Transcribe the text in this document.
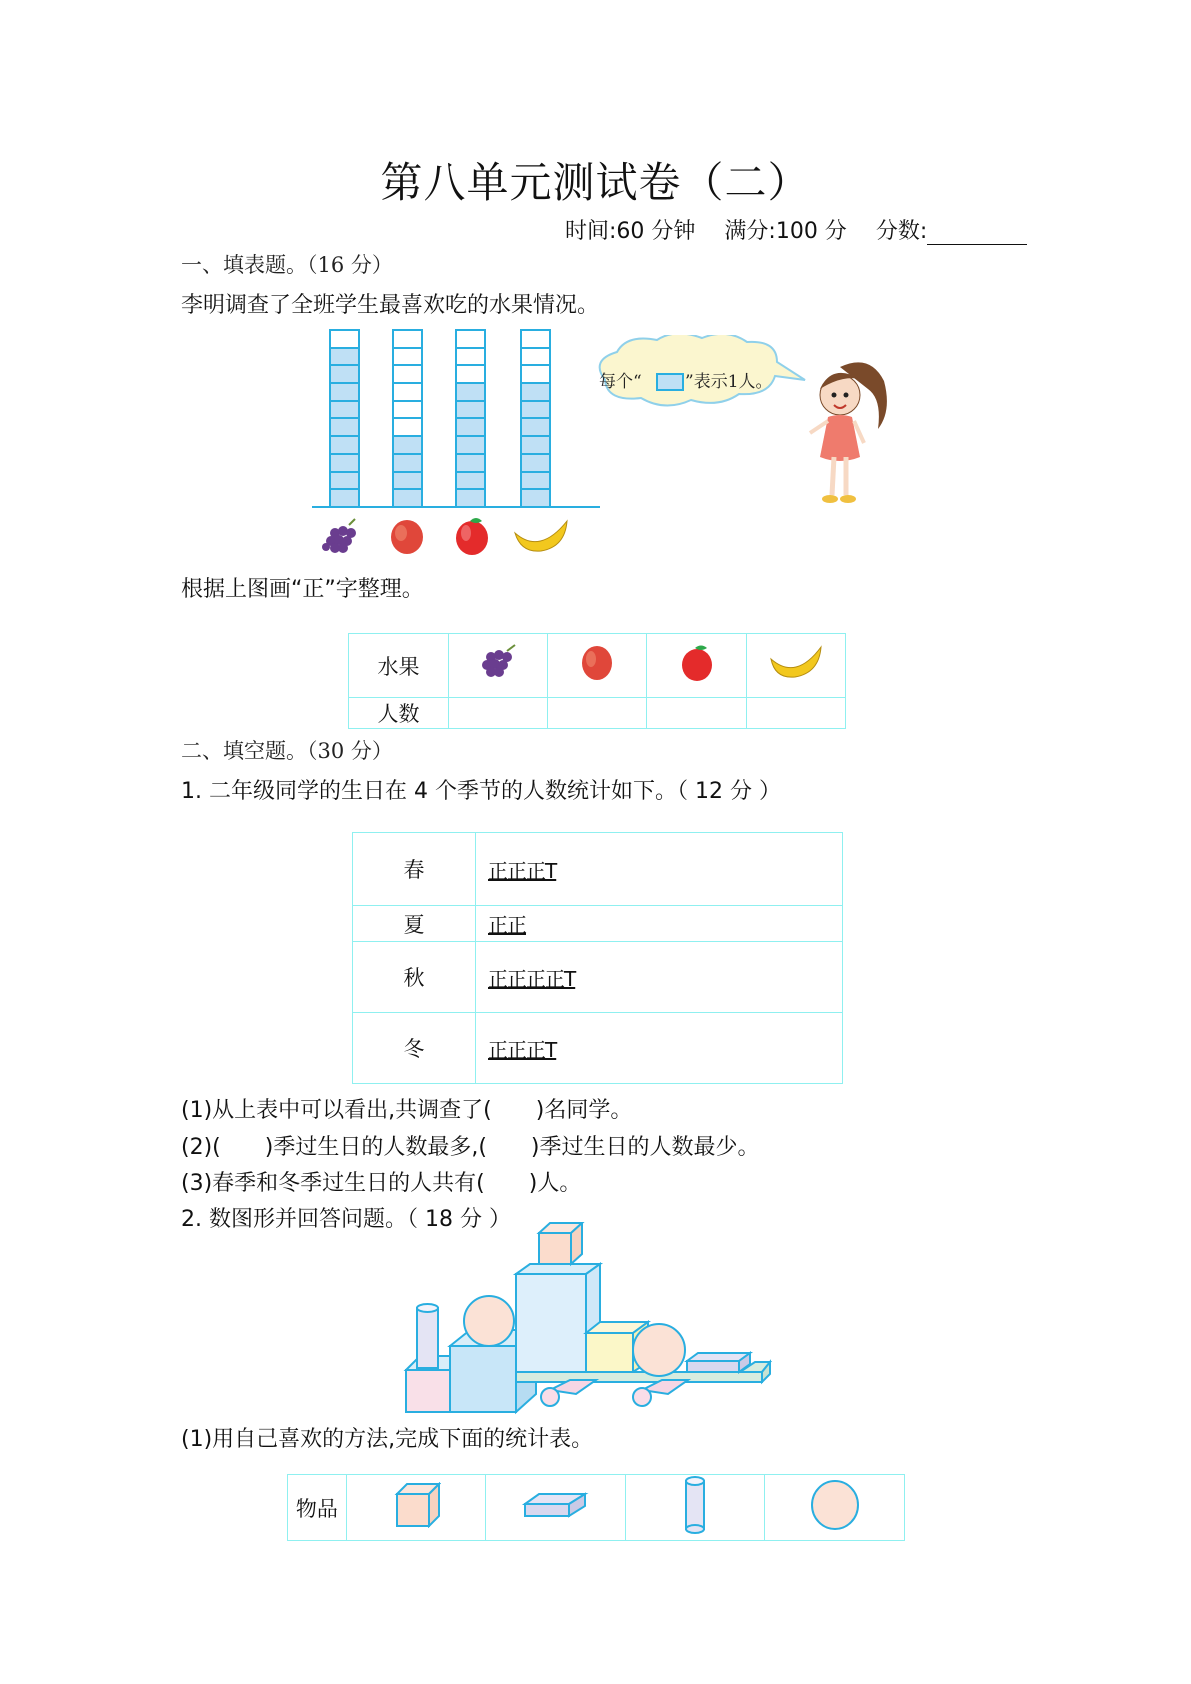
第八单元测试卷（二）
时间:60 分钟 满分:100 分 分数:
一、填表题。（16 分）
李明调查了全班学生最喜欢吃的水果情况。
每个“	”表示1人。
根据上图画“正”字整理。
水果				
人数				
二、填空题。（30 分）
1. 二年级同学的生日在 4 个季节的人数统计如下。（ 12 分 ）
春	正正正T
夏	正正
秋	正正正正T
冬	正正正T
(1)从上表中可以看出,共调查了(　　)名同学。
(2)(　　)季过生日的人数最多,(　　)季过生日的人数最少。
(3)春季和冬季过生日的人共有(　　)人。
2. 数图形并回答问题。（ 18 分 ）
(1)用自己喜欢的方法,完成下面的统计表。
物品				
